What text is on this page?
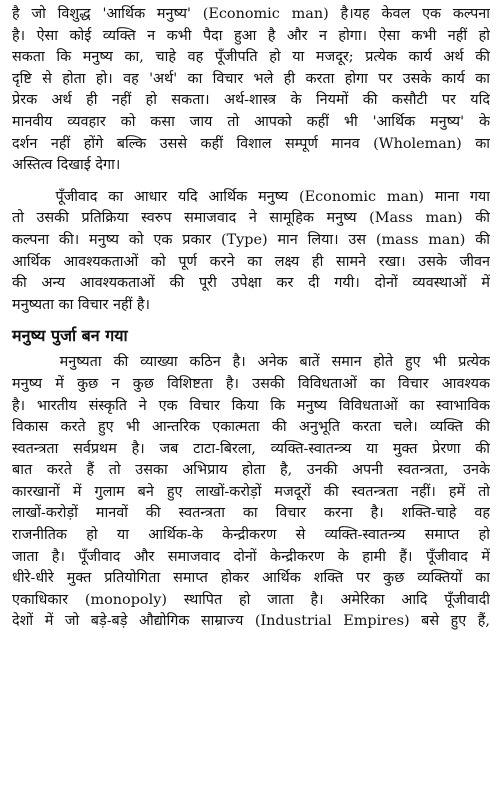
है जो विशुद्ध 'आर्थिक मनुष्य' (Economic man) है।यह केवल एक कल्पना
है। ऐसा कोई व्यक्ति न कभी पैदा हुआ है और न होगा। ऐसा कभी नहीं हो
सकता कि मनुष्य का, चाहे वह पूँजीपति हो या मजदूर; प्रत्येक कार्य अर्थ की
दृष्टि से होता हो। वह 'अर्थ' का विचार भले ही करता होगा पर उसके कार्य का
प्रेरक अर्थ ही नहीं हो सकता। अर्थ-शास्त्र के नियमों की कसौटी पर यदि
मानवीय व्यवहार को कसा जाय तो आपको कहीं भी 'आर्थिक मनुष्य' के
दर्शन नहीं होंगे बल्कि उससे कहीं विशाल सम्पूर्ण मानव (Wholeman) का
अस्तित्व दिखाई देगा।
पूँजीवाद का आधार यदि आर्थिक मनुष्य (Economic man) माना गया
तो उसकी प्रतिक्रिया स्वरुप समाजवाद ने सामूहिक मनुष्य (Mass man) की
कल्पना की। मनुष्य को एक प्रकार (Type) मान लिया। उस (mass man) की
आर्थिक आवश्यकताओं को पूर्ण करने का लक्ष्य ही सामने रखा। उसके जीवन
की अन्य आवश्यकताओं की पूरी उपेक्षा कर दी गयी। दोनों व्यवस्थाओं में
मनुष्यता का विचार नहीं है।
मनुष्य पुर्जा बन गया
मनुष्यता की व्याख्या कठिन है। अनेक बातें समान होते हुए भी प्रत्येक
मनुष्य में कुछ न कुछ विशिष्टता है। उसकी विविधताओं का विचार आवश्यक
है। भारतीय संस्कृति ने एक विचार किया कि मनुष्य विविधताओं का स्वाभाविक
विकास करते हुए भी आन्तरिक एकात्मता की अनुभूति करता चले। व्यक्ति की
स्वतन्त्रता सर्वप्रथम है। जब टाटा-बिरला, व्यक्ति-स्वातन्त्र्य या मुक्त प्रेरणा की
बात करते हैं तो उसका अभिप्राय होता है, उनकी अपनी स्वतन्त्रता, उनके
कारखानों में गुलाम बने हुए लाखों-करोड़ों मजदूरों की स्वतन्त्रता नहीं। हमें तो
लाखों-करोड़ों मानवों की स्वतन्त्रता का विचार करना है। शक्ति-चाहे वह
राजनीतिक हो या आर्थिक-के केन्द्रीकरण से व्यक्ति-स्वातन्त्र्य समाप्त हो
जाता है। पूँजीवाद और समाजवाद दोनों केन्द्रीकरण के हामी हैं। पूँजीवाद में
धीरे-धीरे मुक्त प्रतियोगिता समाप्त होकर आर्थिक शक्ति पर कुछ व्यक्तियों का
एकाधिकार (monopoly) स्थापित हो जाता है। अमेरिका आदि पूँजीवादी
देशों में जो बड़े-बड़े औद्योगिक साम्राज्य (Industrial Empires) बसे हुए हैं,
